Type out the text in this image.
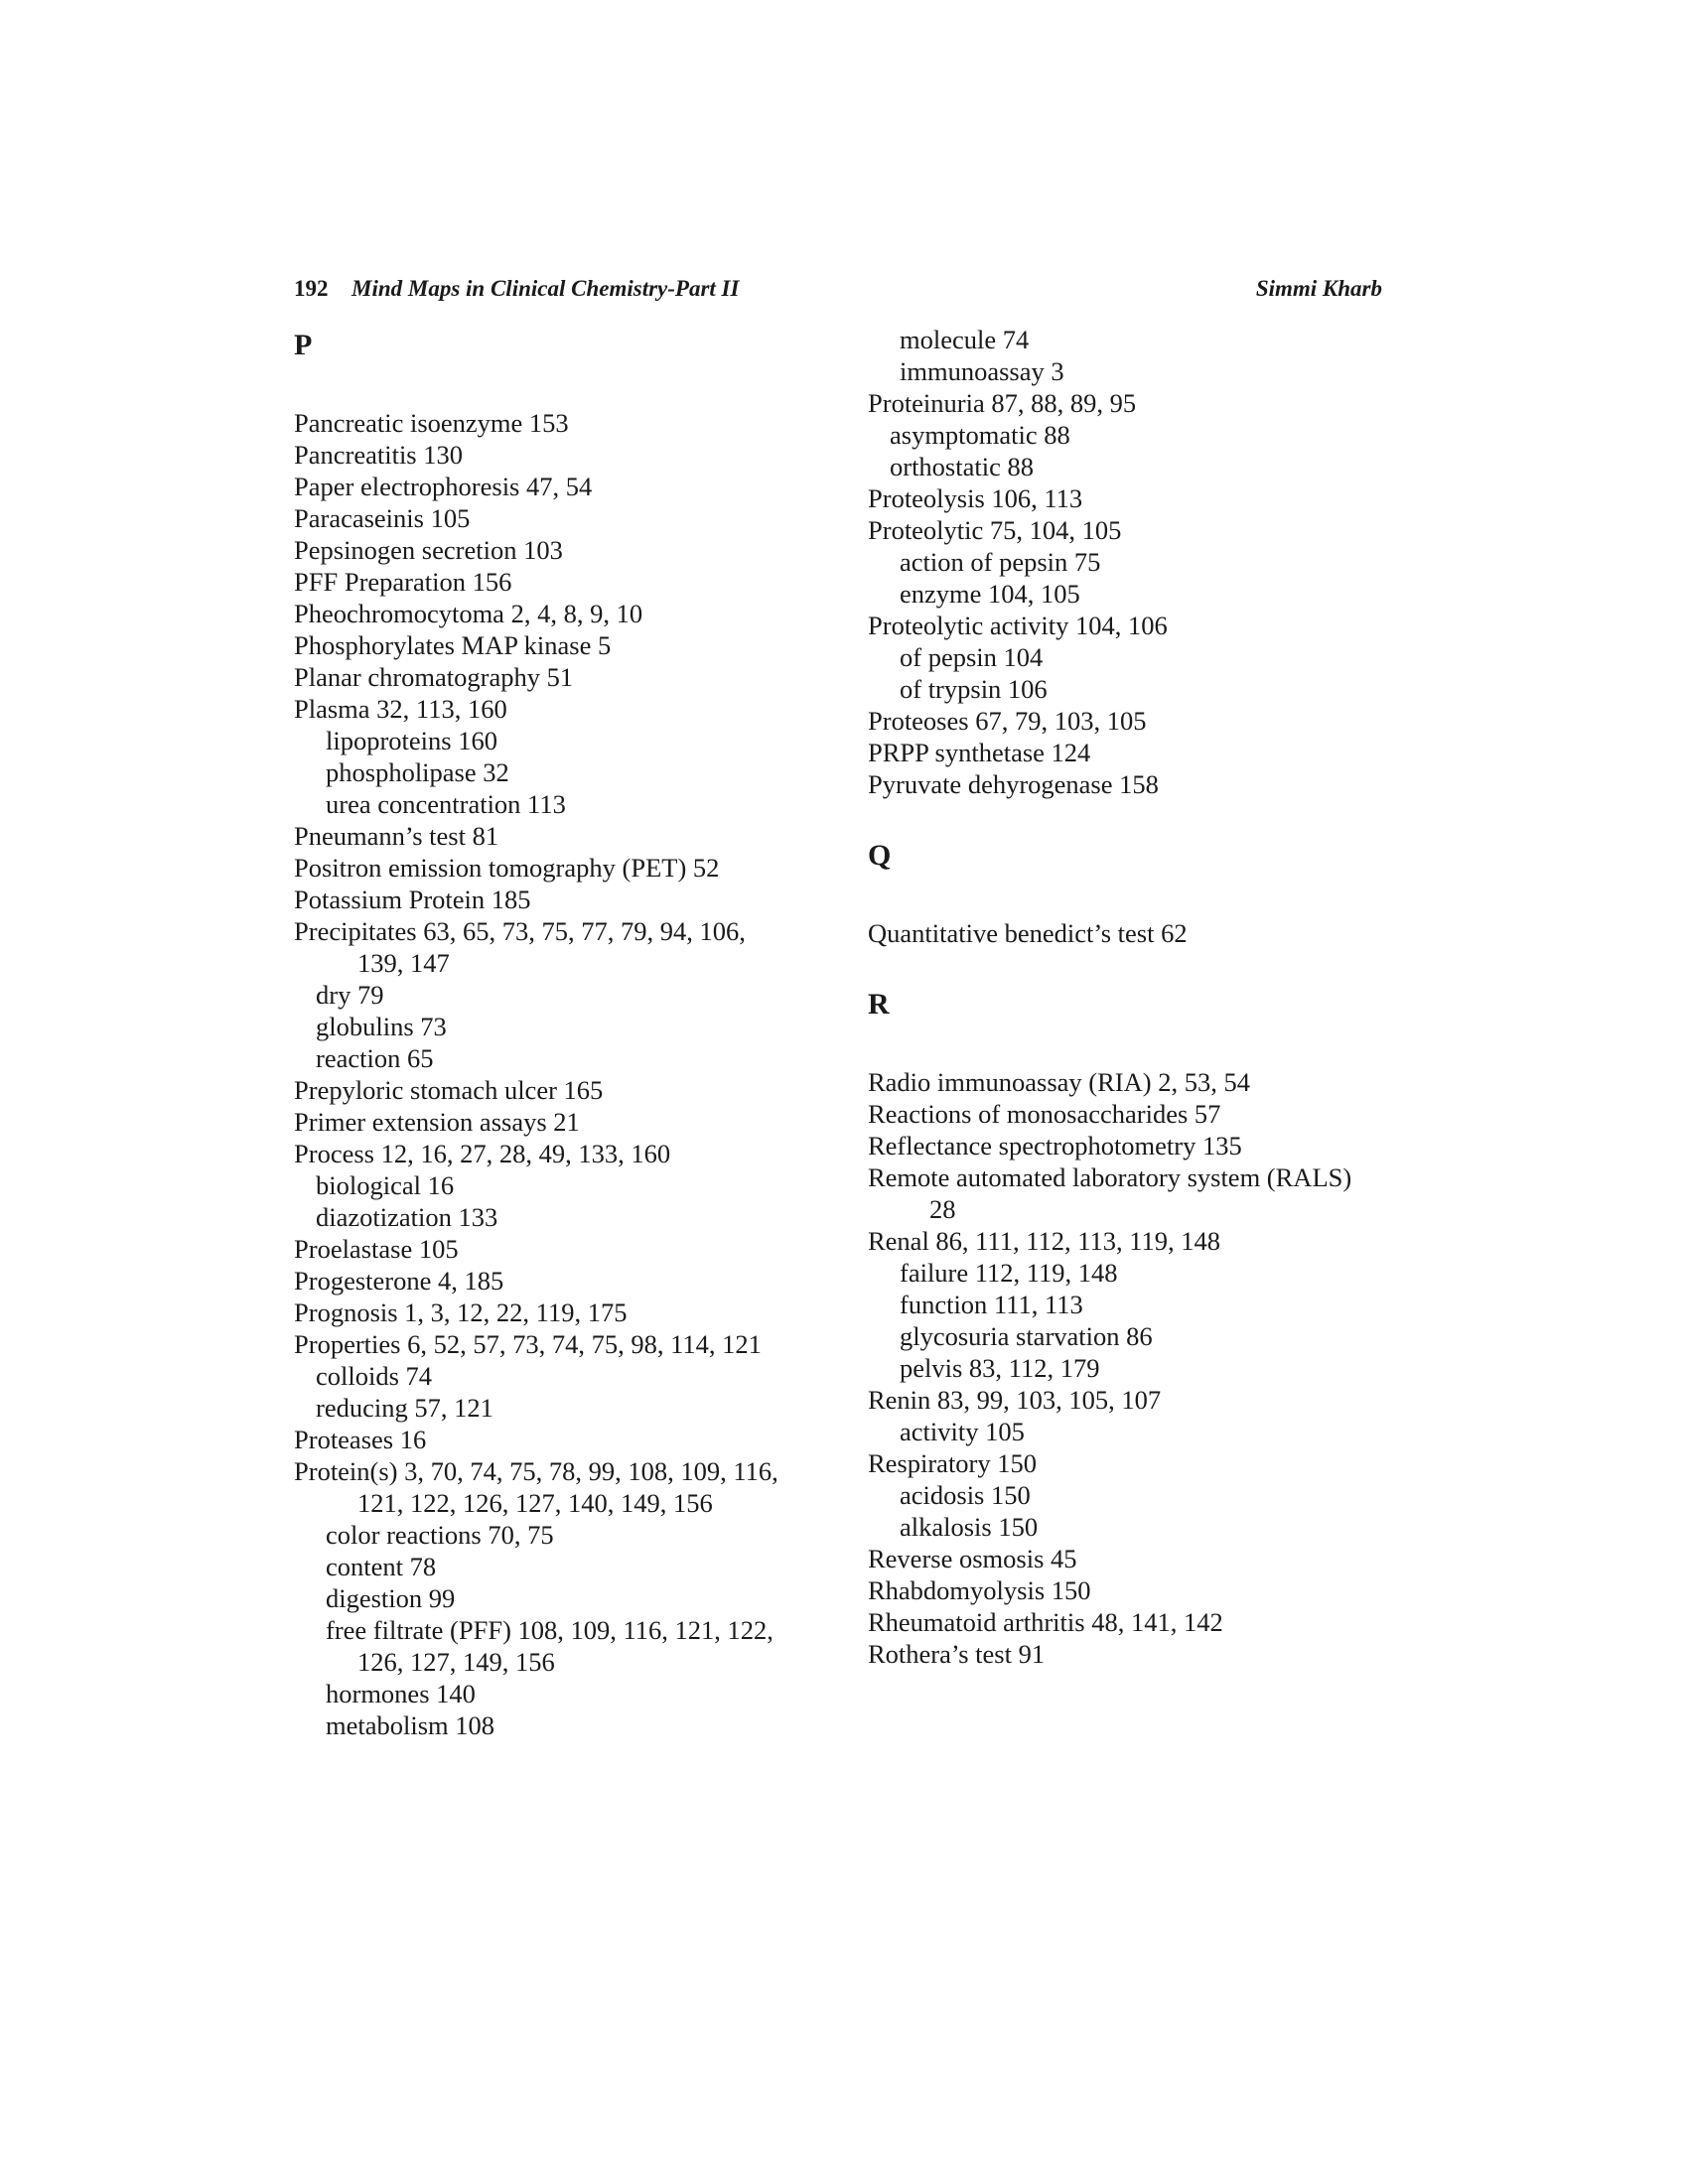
192 Mind Maps in Clinical Chemistry-Part II	Simmi Kharb
P
Pancreatic isoenzyme 153
Pancreatitis 130
Paper electrophoresis 47, 54
Paracaseinis 105
Pepsinogen secretion 103
PFF Preparation 156
Pheochromocytoma 2, 4, 8, 9, 10
Phosphorylates MAP kinase 5
Planar chromatography 51
Plasma 32, 113, 160
lipoproteins 160
phospholipase 32
urea concentration 113
Pneumann’s test 81
Positron emission tomography (PET) 52
Potassium Protein 185
Precipitates 63, 65, 73, 75, 77, 79, 94, 106,
139, 147
dry 79
globulins 73
reaction 65
Prepyloric stomach ulcer 165
Primer extension assays 21
Process 12, 16, 27, 28, 49, 133, 160
biological 16
diazotization 133
Proelastase 105
Progesterone 4, 185
Prognosis 1, 3, 12, 22, 119, 175
Properties 6, 52, 57, 73, 74, 75, 98, 114, 121
colloids 74
reducing 57, 121
Proteases 16
Protein(s) 3, 70, 74, 75, 78, 99, 108, 109, 116,
121, 122, 126, 127, 140, 149, 156
color reactions 70, 75
content 78
digestion 99
free filtrate (PFF) 108, 109, 116, 121, 122,
126, 127, 149, 156
hormones 140
metabolism 108
molecule 74
immunoassay 3
Proteinuria 87, 88, 89, 95
asymptomatic 88
orthostatic 88
Proteolysis 106, 113
Proteolytic 75, 104, 105
action of pepsin 75
enzyme 104, 105
Proteolytic activity 104, 106
of pepsin 104
of trypsin 106
Proteoses 67, 79, 103, 105
PRPP synthetase 124
Pyruvate dehyrogenase 158
Q
Quantitative benedict’s test 62
R
Radio immunoassay (RIA) 2, 53, 54
Reactions of monosaccharides 57
Reflectance spectrophotometry 135
Remote automated laboratory system (RALS)
28
Renal 86, 111, 112, 113, 119, 148
failure 112, 119, 148
function 111, 113
glycosuria starvation 86
pelvis 83, 112, 179
Renin 83, 99, 103, 105, 107
activity 105
Respiratory 150
acidosis 150
alkalosis 150
Reverse osmosis 45
Rhabdomyolysis 150
Rheumatoid arthritis 48, 141, 142
Rothera’s test 91
